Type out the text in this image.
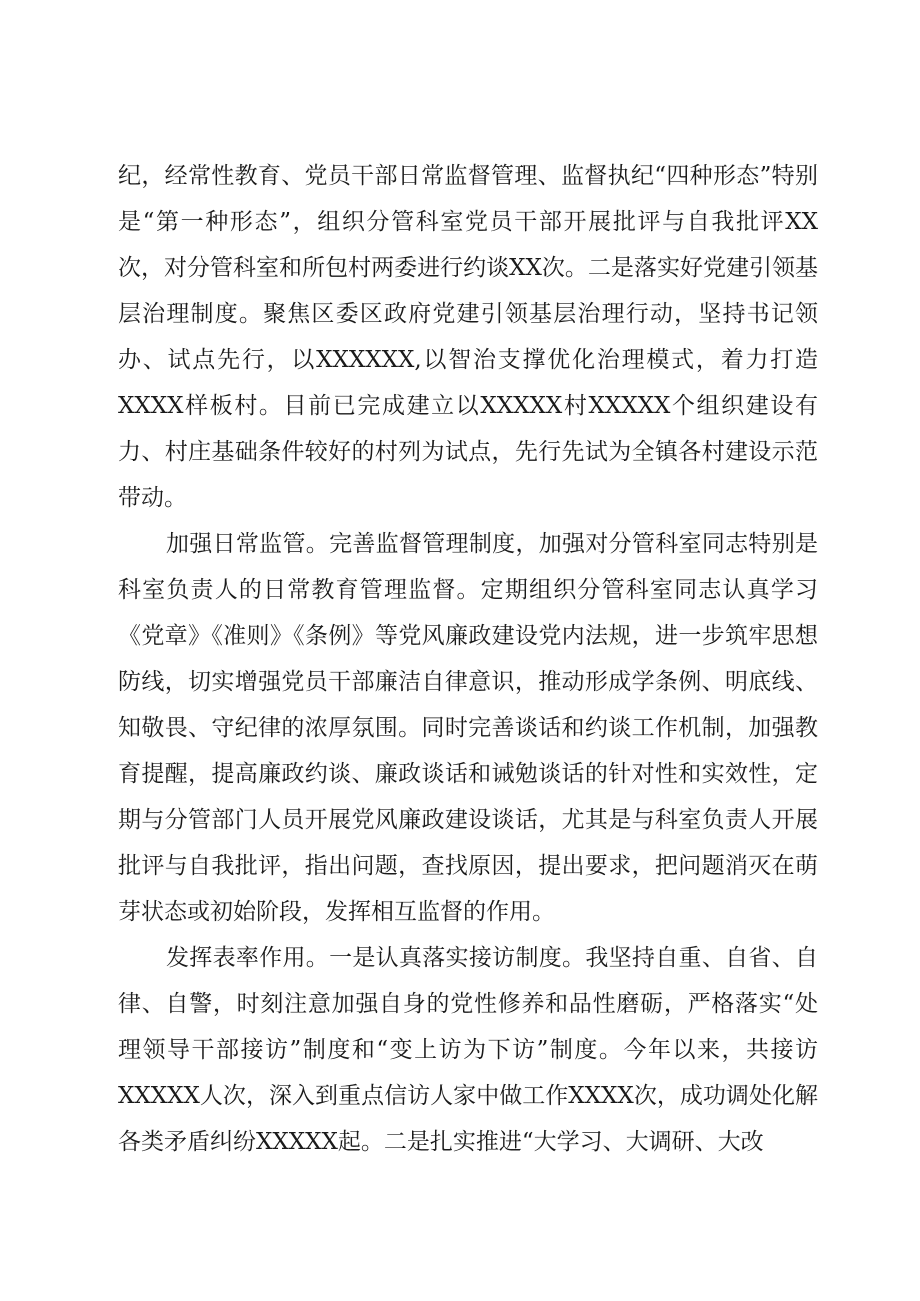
纪，经常性教育、党员干部日常监督管理、监督执纪“四种形态”特别是“第一种形态”，组织分管科室党员干部开展批评与自我批评XX次，对分管科室和所包村两委进行约谈XX次。二是落实好党建引领基层治理制度。聚焦区委区政府党建引领基层治理行动，坚持书记领办、试点先行，以XXXXXX,以智治支撑优化治理模式，着力打造XXXX样板村。目前已完成建立以XXXXX村XXXXX个组织建设有力、村庄基础条件较好的村列为试点，先行先试为全镇各村建设示范带动。

加强日常监管。完善监督管理制度，加强对分管科室同志特别是科室负责人的日常教育管理监督。定期组织分管科室同志认真学习《党章》《准则》《条例》等党风廉政建设党内法规，进一步筑牢思想防线，切实增强党员干部廉洁自律意识，推动形成学条例、明底线、知敬畏、守纪律的浓厚氛围。同时完善谈话和约谈工作机制，加强教育提醒，提高廉政约谈、廉政谈话和诫勉谈话的针对性和实效性，定期与分管部门人员开展党风廉政建设谈话，尤其是与科室负责人开展批评与自我批评，指出问题，查找原因，提出要求，把问题消灭在萌芽状态或初始阶段，发挥相互监督的作用。

发挥表率作用。一是认真落实接访制度。我坚持自重、自省、自律、自警，时刻注意加强自身的党性修养和品性磨砺，严格落实“处理领导干部接访”制度和“变上访为下访”制度。今年以来，共接访XXXXX人次，深入到重点信访人家中做工作XXXX次，成功调处化解各类矛盾纠纷XXXXX起。二是扎实推进“大学习、大调研、大改
